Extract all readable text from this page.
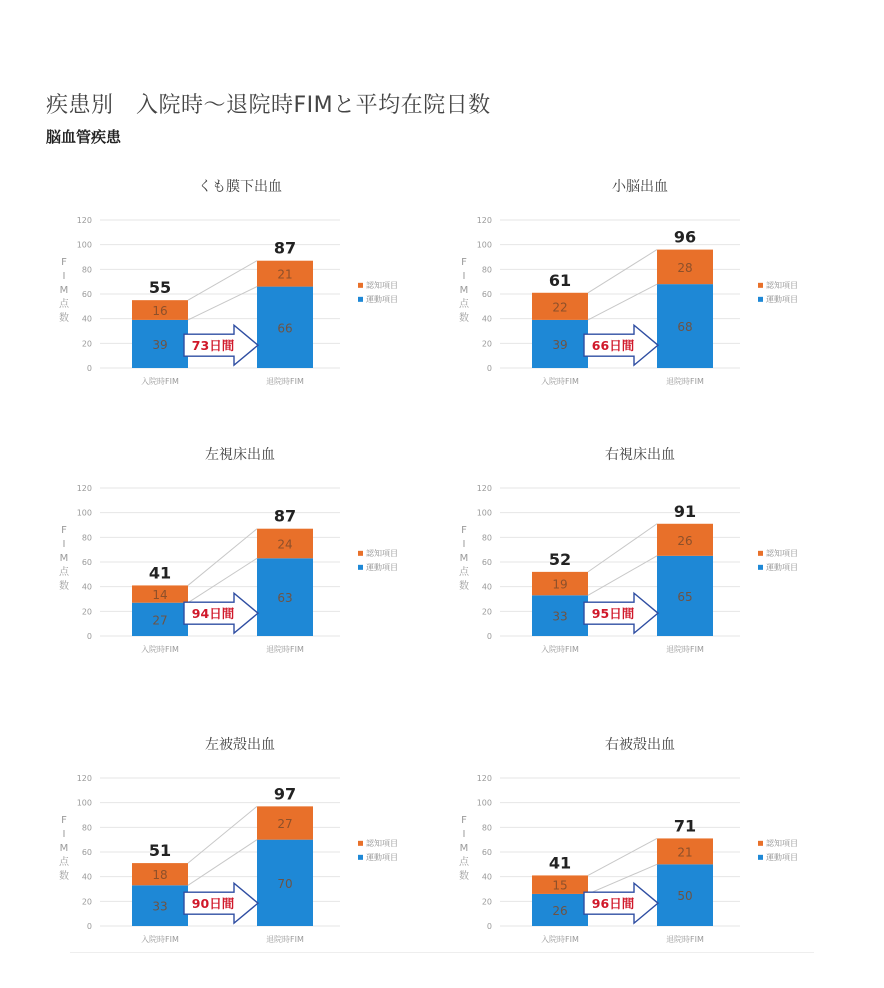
疾患別　入院時〜退院時FIMと平均在院日数
脳血管疾患
くも膜下出血
0
20
40
60
80
100
120
F
I
M
点
数
39
16
55
入院時FIM
66
21
87
退院時FIM
73日間
認知項目
運動項目
小脳出血
0
20
40
60
80
100
120
F
I
M
点
数
39
22
61
入院時FIM
68
28
96
退院時FIM
66日間
認知項目
運動項目
左視床出血
0
20
40
60
80
100
120
F
I
M
点
数
27
14
41
入院時FIM
63
24
87
退院時FIM
94日間
認知項目
運動項目
右視床出血
0
20
40
60
80
100
120
F
I
M
点
数
33
19
52
入院時FIM
65
26
91
退院時FIM
95日間
認知項目
運動項目
左被殻出血
0
20
40
60
80
100
120
F
I
M
点
数
33
18
51
入院時FIM
70
27
97
退院時FIM
90日間
認知項目
運動項目
右被殻出血
0
20
40
60
80
100
120
F
I
M
点
数
26
15
41
入院時FIM
50
21
71
退院時FIM
96日間
認知項目
運動項目
